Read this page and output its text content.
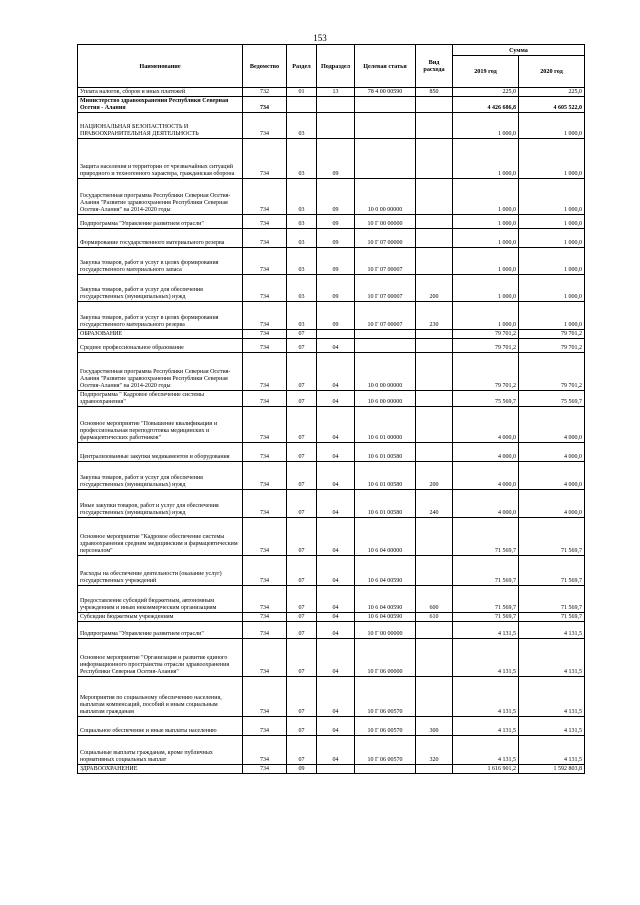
153
Наименование	Ведомство	Раздел	Подраздел	Целевая статья	Вид расхода	Сумма	
						2019 год	2020 год
Уплата налогов, сборов и иных платежей	732	01	13	78 4 00 00590	850	225,0	225,0
Министерство здравоохранения Республики Северная Осетия - Алания	734					4 426 686,8	4 605 522,0
НАЦИОНАЛЬНАЯ БЕЗОПАСТНОСТЬ И ПРАВООХРАНИТЕЛЬНАЯ ДЕЯТЕЛЬНОСТЬ	734	03				1 000,0	1 000,0
Защита населения и территории от чрезвычайных ситуаций природного и техногенного характера, гражданская оборона	734	03	09			1 000,0	1 000,0
Государственная программа Республики Северная Осетия-Алания "Развитие здравоохранения Республики Северная Осетия-Алания" на 2014-2020 годы	734	03	09	10 0 00 00000		1 000,0	1 000,0
Подпрограмма "Управление развитием отрасли"	734	03	09	10 Г 00 00000		1 000,0	1 000,0
Формирование государственного материального резерва	734	03	09	10 Г 07 00000		1 000,0	1 000,0
Закупка товаров, работ и услуг в целях формирования государственного материального запаса	734	03	09	10 Г 07 00007		1 000,0	1 000,0
Закупка товаров, работ и услуг для обеспечения государственных (муниципальных) нужд	734	03	09	10 Г 07 00007	200	1 000,0	1 000,0
Закупка товаров, работ и услуг в целях формирования государственного материального резерва	734	03	09	10 Г 07 00007	230	1 000,0	1 000,0
ОБРАЗОВАНИЕ	734	07				79 701,2	79 701,2
Среднее профессиональное образование	734	07	04			79 701,2	79 701,2
Государственная программа Республики Северная Осетия-Алания "Развитие здравоохранения Республики Северная Осетия-Алания" на 2014-2020 годы	734	07	04	10 0 00 00000		79 701,2	79 701,2
Подпрограмма " Кадровое обеспечение системы здравоохранения"	734	07	04	10 6 00 00000		75 569,7	75 569,7
Основное мероприятие "Повышение квалификации и профессиональная переподготовка медицинских и фармацевтических работников"	734	07	04	10 6 01 00000		4 000,0	4 000,0
Централизованные закупки медикаментов и оборудования	734	07	04	10 6 01 00580		4 000,0	4 000,0
Закупка товаров, работ и услуг для обеспечения государственных (муниципальных) нужд	734	07	04	10 6 01 00580	200	4 000,0	4 000,0
Иные закупки товаров, работ и услуг для обеспечения государственных (муниципальных) нужд	734	07	04	10 6 01 00580	240	4 000,0	4 000,0
Основное мероприятие "Кадровое обеспечение системы здравоохранения средним медицинским и фармацевтическим персоналом"	734	07	04	10 6 04 00000		71 569,7	71 569,7
Расходы на обеспечение деятельности (оказание услуг) государственных учреждений	734	07	04	10 6 04 00590		71 569,7	71 569,7
Предоставление субсидий бюджетным, автономным учреждениям и иным некоммерческим организациям	734	07	04	10 6 04 00590	600	71 569,7	71 569,7
Субсидии бюджетным учреждениям	734	07	04	10 6 04 00590	610	71 569,7	71 569,7
Подпрограмма "Управление развитием отрасли"	734	07	04	10 Г 00 00000		4 131,5	4 131,5
Основное мероприятие "Организация и развитие единого информационного пространства отрасли здравоохранения Республики Северная Осетия-Алания"	734	07	04	10 Г 06 00000		4 131,5	4 131,5
Мероприятия по социальному обеспечению населения, выплатам компенсаций, пособий и иным социальным выплатам гражданам	734	07	04	10 Г 06 00570		4 131,5	4 131,5
Социальное обеспечение и иные выплаты населению	734	07	04	10 Г 06 00570	300	4 131,5	4 131,5
Социальные выплаты гражданам, кроме публичных нормативных социальных выплат	734	07	04	10 Г 06 00570	320	4 131,5	4 131,5
ЗДРАВООХРАНЕНИЕ	734	09				1 616 901,2	1 592 803,8
